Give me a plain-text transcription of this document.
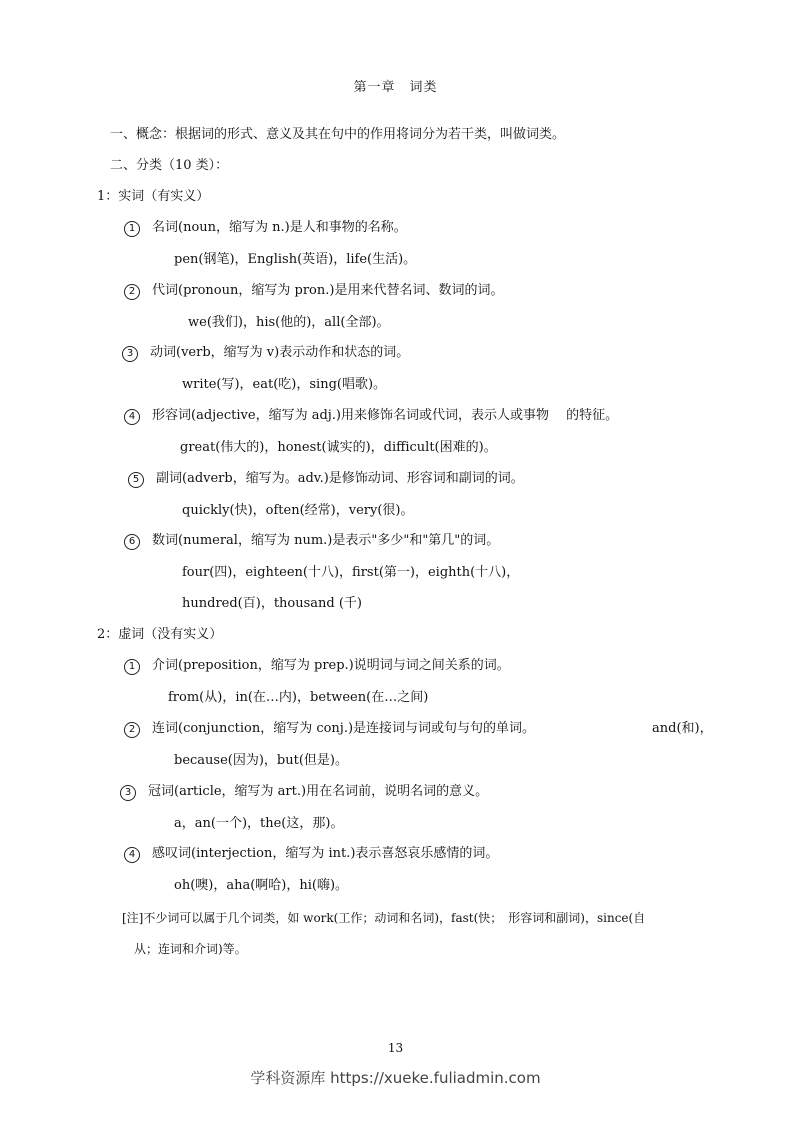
第一章　词类
一、概念：根据词的形式、意义及其在句中的作用将词分为若干类，叫做词类。
二、分类（10 类）：
1：实词（有实义）
1	名词(noun，缩写为 n.)是人和事物的名称。
pen(钢笔)，English(英语)，life(生活)。
2	代词(pronoun，缩写为 pron.)是用来代替名词、数词的词。
we(我们)，his(他的)，all(全部)。
3	动词(verb，缩写为 v)表示动作和状态的词。
write(写)，eat(吃)，sing(唱歌)。
4	形容词(adjective，缩写为 adj.)用来修饰名词或代词，表示人或事物　 的特征。
great(伟大的)，honest(诚实的)，difficult(困难的)。
5	副词(adverb，缩写为。adv.)是修饰动词、形容词和副词的词。
quickly(快)，often(经常)，very(很)。
6	数词(numeral，缩写为 num.)是表示"多少"和"第几"的词。
four(四)，eighteen(十八)，first(第一)，eighth(十八)，
hundred(百)，thousand (千)
2：虚词（没有实义）
1	介词(preposition，缩写为 prep.)说明词与词之间关系的词。
from(从)，in(在…内)，between(在…之间)
2	连词(conjunction，缩写为 conj.)是连接词与词或句与句的单词。	and(和)，
because(因为)，but(但是)。
3	冠词(article，缩写为 art.)用在名词前，说明名词的意义。
a，an(一个)，the(这，那)。
4	感叹词(interjection，缩写为 int.)表示喜怒哀乐感情的词。
oh(噢)，aha(啊哈)，hi(嗨)。
[注]不少词可以属于几个词类，如 work(工作；动词和名词)，fast(快；　形容词和副词)，since(自
从；连词和介词)等。
13
学科资源库 https://xueke.fuliadmin.com
